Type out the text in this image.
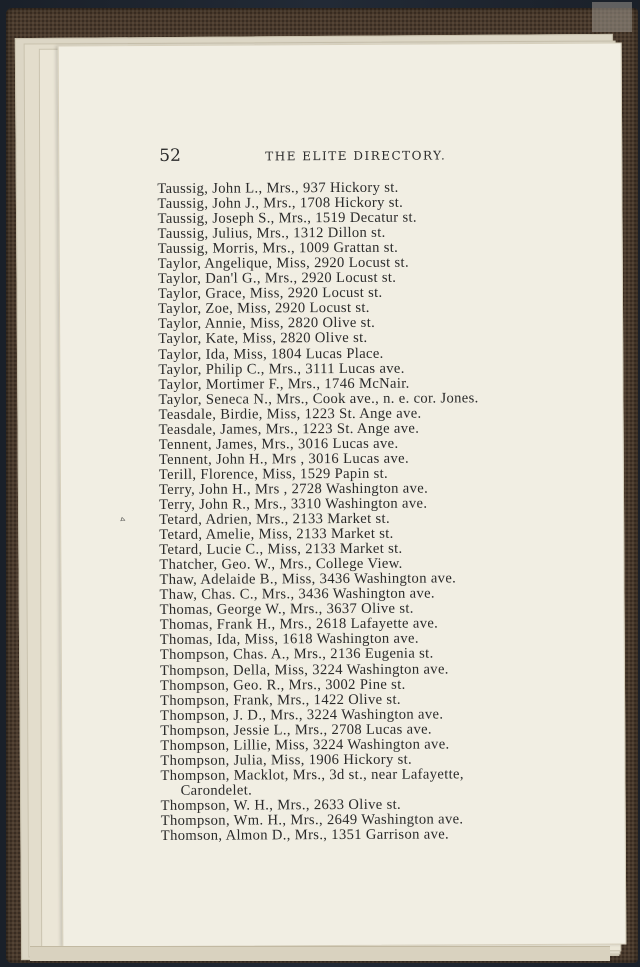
52	THE ELITE DIRECTORY.
▹
Taussig, John L., Mrs., 937 Hickory st.
Taussig, John J., Mrs., 1708 Hickory st.
Taussig, Joseph S., Mrs., 1519 Decatur st.
Taussig, Julius, Mrs., 1312 Dillon st.
Taussig, Morris, Mrs., 1009 Grattan st.
Taylor, Angelique, Miss, 2920 Locust st.
Taylor, Dan'l G., Mrs., 2920 Locust st.
Taylor, Grace, Miss, 2920 Locust st.
Taylor, Zoe, Miss, 2920 Locust st.
Taylor, Annie, Miss, 2820 Olive st.
Taylor, Kate, Miss, 2820 Olive st.
Taylor, Ida, Miss, 1804 Lucas Place.
Taylor, Philip C., Mrs., 3111 Lucas ave.
Taylor, Mortimer F., Mrs., 1746 McNair.
Taylor, Seneca N., Mrs., Cook ave., n. e. cor. Jones.
Teasdale, Birdie, Miss, 1223 St. Ange ave.
Teasdale, James, Mrs., 1223 St. Ange ave.
Tennent, James, Mrs., 3016 Lucas ave.
Tennent, John H., Mrs , 3016 Lucas ave.
Terill, Florence, Miss, 1529 Papin st.
Terry, John H., Mrs , 2728 Washington ave.
Terry, John R., Mrs., 3310 Washington ave.
Tetard, Adrien, Mrs., 2133 Market st.
Tetard, Amelie, Miss, 2133 Market st.
Tetard, Lucie C., Miss, 2133 Market st.
Thatcher, Geo. W., Mrs., College View.
Thaw, Adelaide B., Miss, 3436 Washington ave.
Thaw, Chas. C., Mrs., 3436 Washington ave.
Thomas, George W., Mrs., 3637 Olive st.
Thomas, Frank H., Mrs., 2618 Lafayette ave.
Thomas, Ida, Miss, 1618 Washington ave.
Thompson, Chas. A., Mrs., 2136 Eugenia st.
Thompson, Della, Miss, 3224 Washington ave.
Thompson, Geo. R., Mrs., 3002 Pine st.
Thompson, Frank, Mrs., 1422 Olive st.
Thompson, J. D., Mrs., 3224 Washington ave.
Thompson, Jessie L., Mrs., 2708 Lucas ave.
Thompson, Lillie, Miss, 3224 Washington ave.
Thompson, Julia, Miss, 1906 Hickory st.
Thompson, Macklot, Mrs., 3d st., near Lafayette,
Carondelet.
Thompson, W. H., Mrs., 2633 Olive st.
Thompson, Wm. H., Mrs., 2649 Washington ave.
Thomson, Almon D., Mrs., 1351 Garrison ave.
